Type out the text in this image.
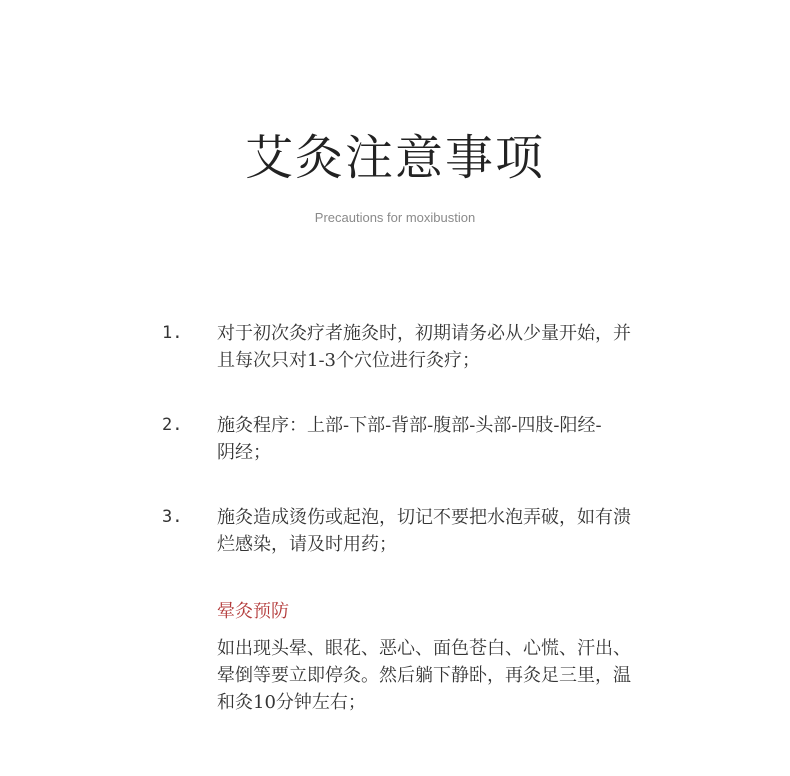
艾灸注意事项
Precautions for moxibustion
1. 对于初次灸疗者施灸时，初期请务必从少量开始，并且每次只对1-3个穴位进行灸疗；
2. 施灸程序：上部-下部-背部-腹部-头部-四肢-阳经-阴经；
3. 施灸造成烫伤或起泡，切记不要把水泡弄破，如有溃烂感染，请及时用药；
晕灸预防
如出现头晕、眼花、恶心、面色苍白、心慌、汗出、晕倒等要立即停灸。然后躺下静卧，再灸足三里，温和灸10分钟左右；
